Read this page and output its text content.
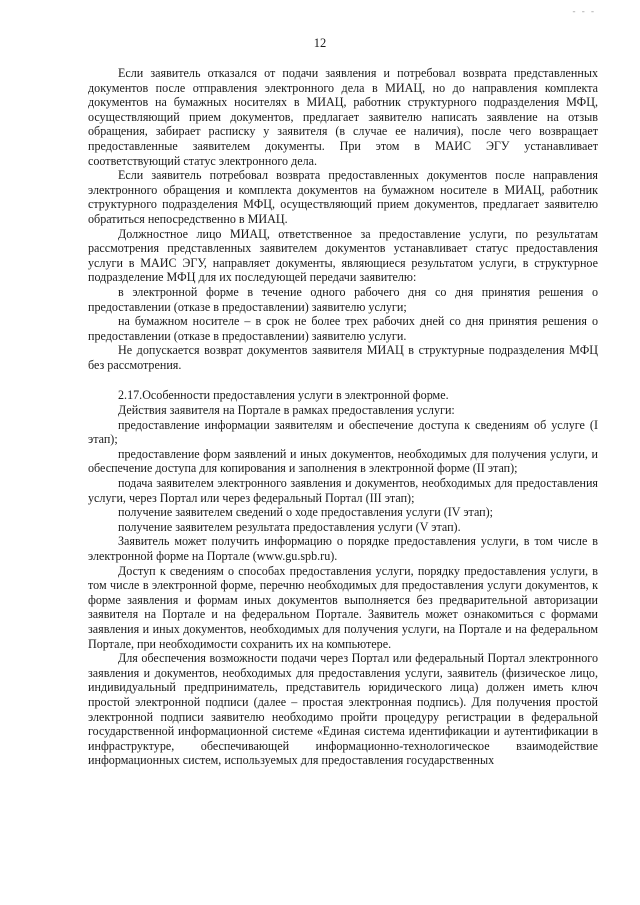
- - -
12

Если заявитель отказался от подачи заявления и потребовал возврата представленных документов после отправления электронного дела в МИАЦ, но до направления комплекта документов на бумажных носителях в МИАЦ, работник структурного подразделения МФЦ, осуществляющий прием документов, предлагает заявителю написать заявление на отзыв обращения, забирает расписку у заявителя (в случае ее наличия), после чего возвращает предоставленные заявителем документы. При этом в МАИС ЭГУ устанавливает соответствующий статус электронного дела.

Если заявитель потребовал возврата предоставленных документов после направления электронного обращения и комплекта документов на бумажном носителе в МИАЦ, работник структурного подразделения МФЦ, осуществляющий прием документов, предлагает заявителю обратиться непосредственно в МИАЦ.

Должностное лицо МИАЦ, ответственное за предоставление услуги, по результатам рассмотрения представленных заявителем документов устанавливает статус предоставления услуги в МАИС ЭГУ, направляет документы, являющиеся результатом услуги, в структурное подразделение МФЦ для их последующей передачи заявителю:

в электронной форме в течение одного рабочего дня со дня принятия решения о предоставлении (отказе в предоставлении) заявителю услуги;

на бумажном носителе – в срок не более трех рабочих дней со дня принятия решения о предоставлении (отказе в предоставлении) заявителю услуги.

Не допускается возврат документов заявителя МИАЦ в структурные подразделения МФЦ без рассмотрения.

2.17.Особенности предоставления услуги в электронной форме.

Действия заявителя на Портале в рамках предоставления услуги:

предоставление информации заявителям и обеспечение доступа к сведениям об услуге (I этап);

предоставление форм заявлений и иных документов, необходимых для получения услуги, и обеспечение доступа для копирования и заполнения в электронной форме (II этап);

подача заявителем электронного заявления и документов, необходимых для предоставления услуги, через Портал или через федеральный Портал (III этап);

получение заявителем сведений о ходе предоставления услуги (IV этап);

получение заявителем результата предоставления услуги (V этап).

Заявитель может получить информацию о порядке предоставления услуги, в том числе в электронной форме на Портале (www.gu.spb.ru).

Доступ к сведениям о способах предоставления услуги, порядку предоставления услуги, в том числе в электронной форме, перечню необходимых для предоставления услуги документов, к форме заявления и формам иных документов выполняется без предварительной авторизации заявителя на Портале и на федеральном Портале. Заявитель может ознакомиться с формами заявления и иных документов, необходимых для получения услуги, на Портале и на федеральном Портале, при необходимости сохранить их на компьютере.

Для обеспечения возможности подачи через Портал или федеральный Портал электронного заявления и документов, необходимых для предоставления услуги, заявитель (физическое лицо, индивидуальный предприниматель, представитель юридического лица) должен иметь ключ простой электронной подписи (далее – простая электронная подпись). Для получения простой электронной подписи заявителю необходимо пройти процедуру регистрации в федеральной государственной информационной системе «Единая система идентификации и аутентификации в инфраструктуре, обеспечивающей информационно-технологическое взаимодействие информационных систем, используемых для предоставления государственных
